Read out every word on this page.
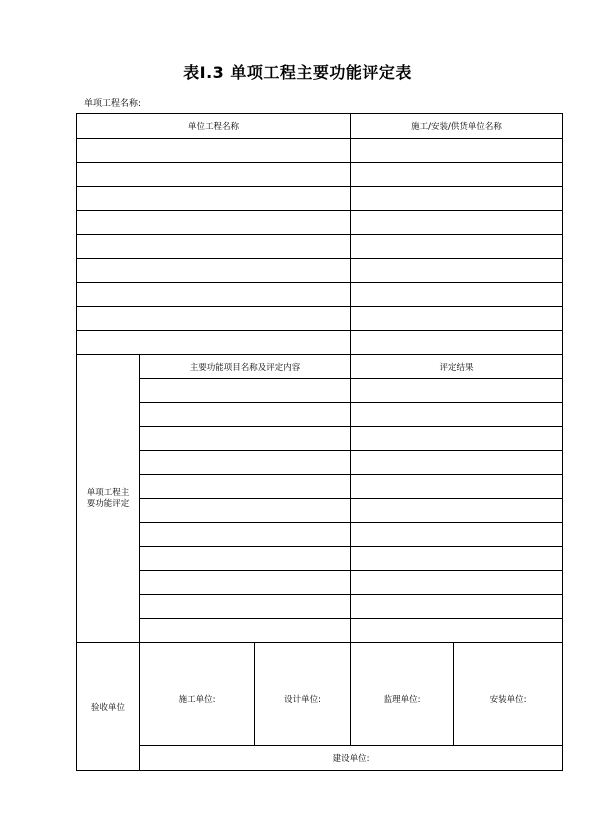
表I.3 单项工程主要功能评定表
单项工程名称:
单位工程名称			施工/安装/供货单位名称	

单项工程主
要功能评定	主要功能项目名称及评定内容		评定结果	

验收单位	施工单位:	设计单位:	监理单位:	安装单位:

	建设单位:			
